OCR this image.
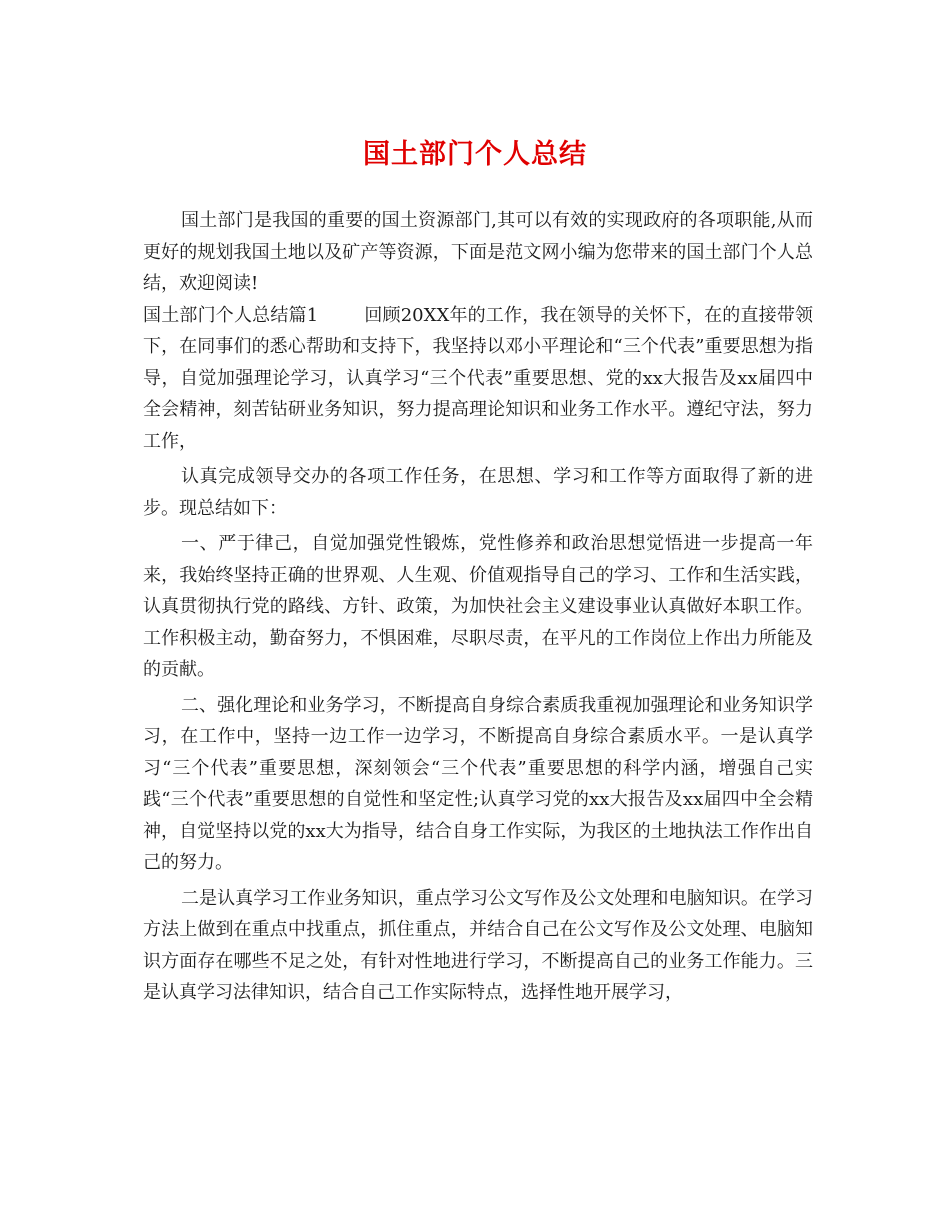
国土部门个人总结

国土部门是我国的重要的国土资源部门,其可以有效的实现政府的各项职能,从而更好的规划我国土地以及矿产等资源，下面是范文网小编为您带来的国土部门个人总结，欢迎阅读!

国土部门个人总结篇1	回顾20XX年的工作，我在领导的关怀下，在的直接带领下，在同事们的悉心帮助和支持下，我坚持以邓小平理论和“三个代表”重要思想为指导，自觉加强理论学习，认真学习“三个代表”重要思想、党的xx大报告及xx届四中全会精神，刻苦钻研业务知识，努力提高理论知识和业务工作水平。遵纪守法，努力工作，

认真完成领导交办的各项工作任务，在思想、学习和工作等方面取得了新的进步。现总结如下：

一、严于律己，自觉加强党性锻炼，党性修养和政治思想觉悟进一步提高一年来，我始终坚持正确的世界观、人生观、价值观指导自己的学习、工作和生活实践，认真贯彻执行党的路线、方针、政策，为加快社会主义建设事业认真做好本职工作。工作积极主动，勤奋努力，不惧困难，尽职尽责，在平凡的工作岗位上作出力所能及的贡献。

二、强化理论和业务学习，不断提高自身综合素质我重视加强理论和业务知识学习，在工作中，坚持一边工作一边学习，不断提高自身综合素质水平。一是认真学习“三个代表”重要思想，深刻领会“三个代表”重要思想的科学内涵，增强自己实践“三个代表”重要思想的自觉性和坚定性;认真学习党的xx大报告及xx届四中全会精神，自觉坚持以党的xx大为指导，结合自身工作实际，为我区的土地执法工作作出自己的努力。

二是认真学习工作业务知识，重点学习公文写作及公文处理和电脑知识。在学习方法上做到在重点中找重点，抓住重点，并结合自己在公文写作及公文处理、电脑知识方面存在哪些不足之处，有针对性地进行学习，不断提高自己的业务工作能力。三是认真学习法律知识，结合自己工作实际特点，选择性地开展学习，
